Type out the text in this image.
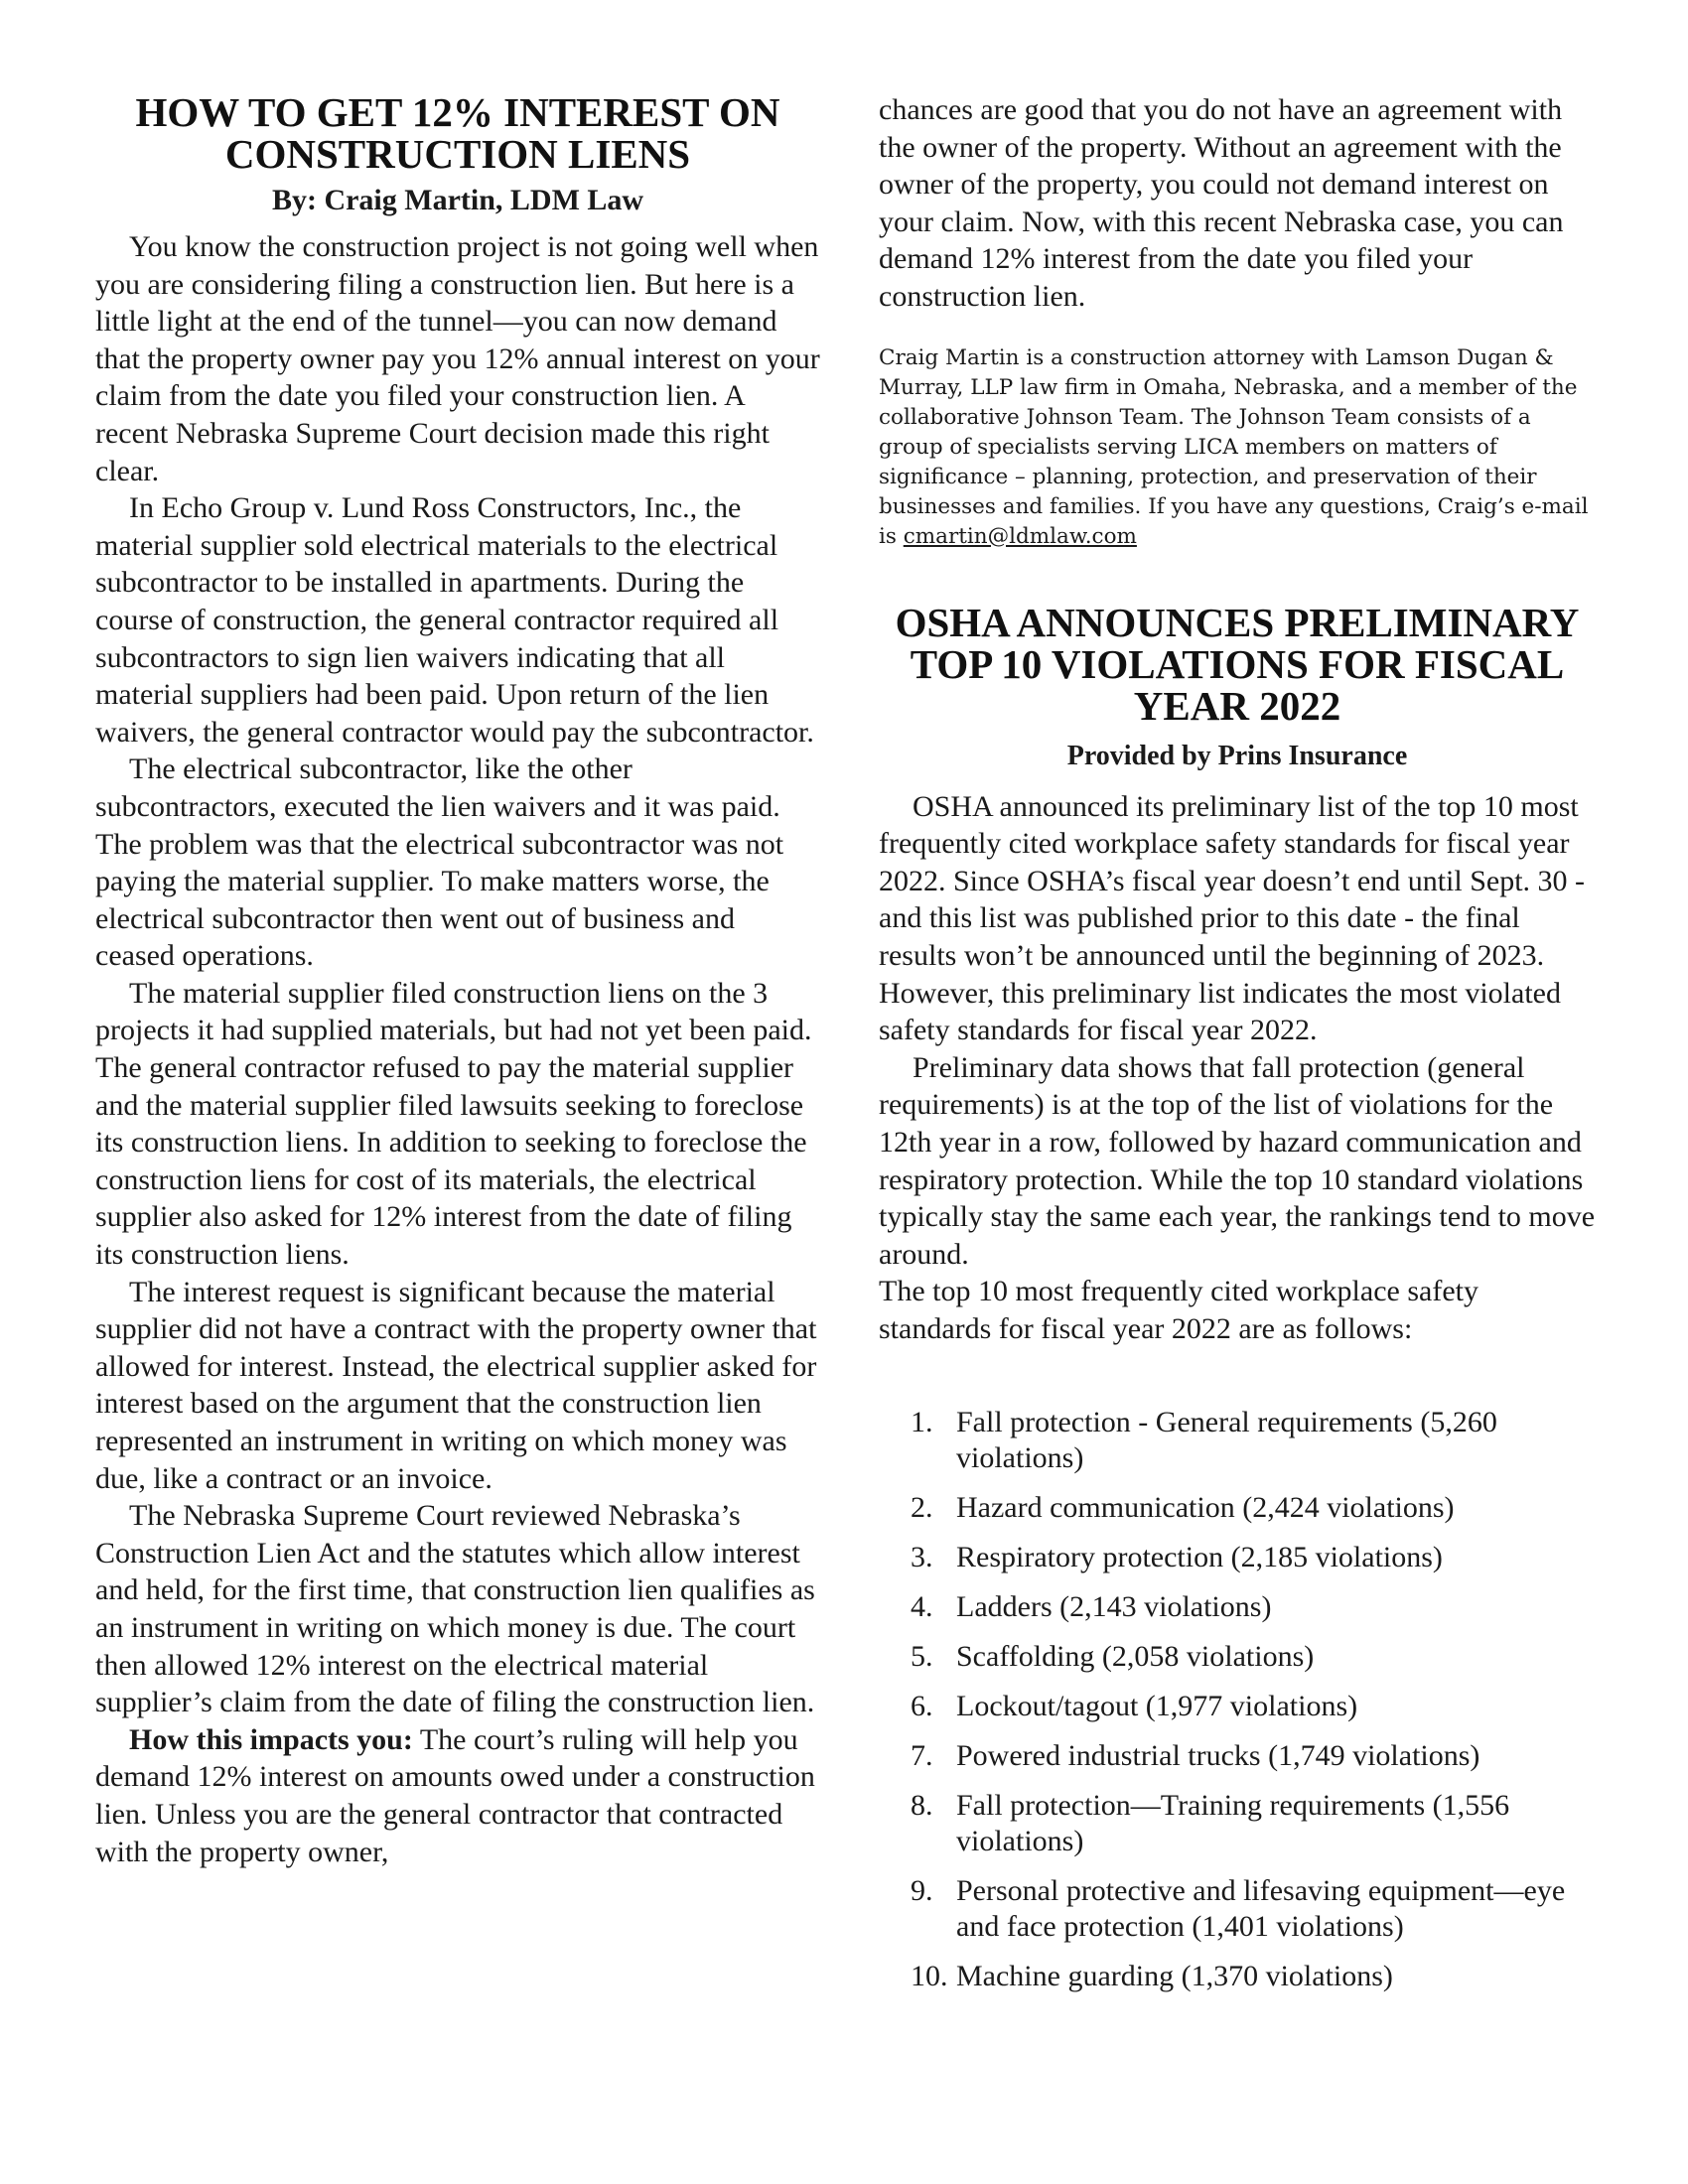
HOW TO GET 12% INTEREST ON CONSTRUCTION LIENS
By: Craig Martin, LDM Law

You know the construction project is not going well when you are considering filing a construction lien. But here is a little light at the end of the tunnel—you can now demand that the property owner pay you 12% annual interest on your claim from the date you filed your construction lien. A recent Nebraska Supreme Court decision made this right clear.

In Echo Group v. Lund Ross Constructors, Inc., the material supplier sold electrical materials to the electrical subcontractor to be installed in apartments. During the course of construction, the general contractor required all subcontractors to sign lien waivers indicating that all material suppliers had been paid. Upon return of the lien waivers, the general contractor would pay the subcontractor.

The electrical subcontractor, like the other subcontractors, executed the lien waivers and it was paid. The problem was that the electrical subcontractor was not paying the material supplier. To make matters worse, the electrical subcontractor then went out of business and ceased operations.

The material supplier filed construction liens on the 3 projects it had supplied materials, but had not yet been paid. The general contractor refused to pay the material supplier and the material supplier filed lawsuits seeking to foreclose its construction liens. In addition to seeking to foreclose the construction liens for cost of its materials, the electrical supplier also asked for 12% interest from the date of filing its construction liens.

The interest request is significant because the material supplier did not have a contract with the property owner that allowed for interest. Instead, the electrical supplier asked for interest based on the argument that the construction lien represented an instrument in writing on which money was due, like a contract or an invoice.

The Nebraska Supreme Court reviewed Nebraska’s Construction Lien Act and the statutes which allow interest and held, for the first time, that construction lien qualifies as an instrument in writing on which money is due. The court then allowed 12% interest on the electrical material supplier’s claim from the date of filing the construction lien.

How this impacts you: The court’s ruling will help you demand 12% interest on amounts owed under a construction lien. Unless you are the general contractor that contracted with the property owner,

chances are good that you do not have an agreement with the owner of the property. Without an agreement with the owner of the property, you could not demand interest on your claim. Now, with this recent Nebraska case, you can demand 12% interest from the date you filed your construction lien.

Craig Martin is a construction attorney with Lamson Dugan & Murray, LLP law firm in Omaha, Nebraska, and a member of the collaborative Johnson Team. The Johnson Team consists of a group of specialists serving LICA members on matters of significance – planning, protection, and preservation of their businesses and families. If you have any questions, Craig’s e-mail is cmartin@ldmlaw.com

OSHA ANNOUNCES PRELIMINARY TOP 10 VIOLATIONS FOR FISCAL YEAR 2022
Provided by Prins Insurance

OSHA announced its preliminary list of the top 10 most frequently cited workplace safety standards for fiscal year 2022. Since OSHA’s fiscal year doesn’t end until Sept. 30 - and this list was published prior to this date - the final results won’t be announced until the beginning of 2023. However, this preliminary list indicates the most violated safety standards for fiscal year 2022.

Preliminary data shows that fall protection (general requirements) is at the top of the list of violations for the 12th year in a row, followed by hazard communication and respiratory protection. While the top 10 standard violations typically stay the same each year, the rankings tend to move around.

The top 10 most frequently cited workplace safety standards for fiscal year 2022 are as follows:

1. Fall protection - General requirements (5,260 violations)
2. Hazard communication (2,424 violations)
3. Respiratory protection (2,185 violations)
4. Ladders (2,143 violations)
5. Scaffolding (2,058 violations)
6. Lockout/tagout (1,977 violations)
7. Powered industrial trucks (1,749 violations)
8. Fall protection—Training requirements (1,556 violations)
9. Personal protective and lifesaving equipment—eye and face protection (1,401 violations)
10. Machine guarding (1,370 violations)
